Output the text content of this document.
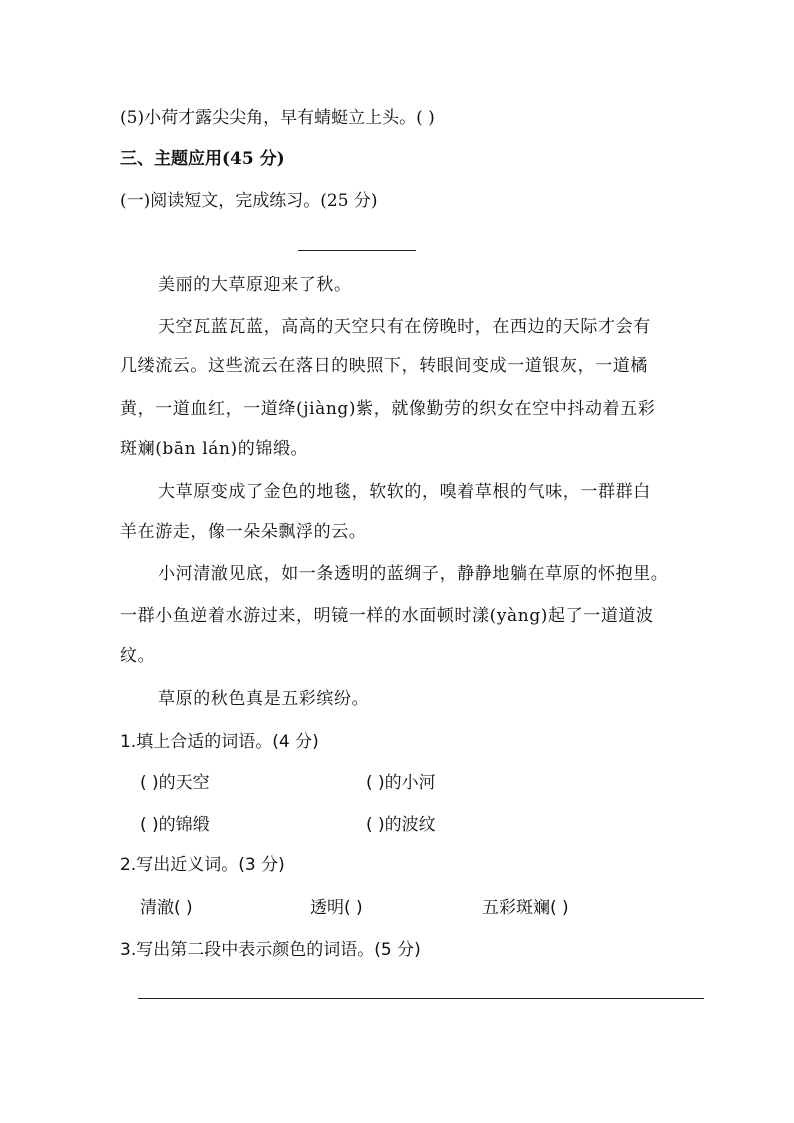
(5)小荷才露尖尖角，早有蜻蜓立上头。( )
三、主题应用(45 分)
(一)阅读短文，完成练习。(25 分)
美丽的大草原迎来了秋。
天空瓦蓝瓦蓝，高高的天空只有在傍晚时，在西边的天际才会有
几缕流云。这些流云在落日的映照下，转眼间变成一道银灰，一道橘
黄，一道血红，一道绛(jiàng)紫，就像勤劳的织女在空中抖动着五彩
斑斓(bān lán)的锦缎。
大草原变成了金色的地毯，软软的，嗅着草根的气味，一群群白
羊在游走，像一朵朵飘浮的云。
小河清澈见底，如一条透明的蓝绸子，静静地躺在草原的怀抱里。
一群小鱼逆着水游过来，明镜一样的水面顿时漾(yàng)起了一道道波
纹。
草原的秋色真是五彩缤纷。
1.填上合适的词语。(4 分)
( )的天空	( )的小河
( )的锦缎	( )的波纹
2.写出近义词。(3 分)
清澈( )	透明( )	五彩斑斓( )
3.写出第二段中表示颜色的词语。(5 分)
